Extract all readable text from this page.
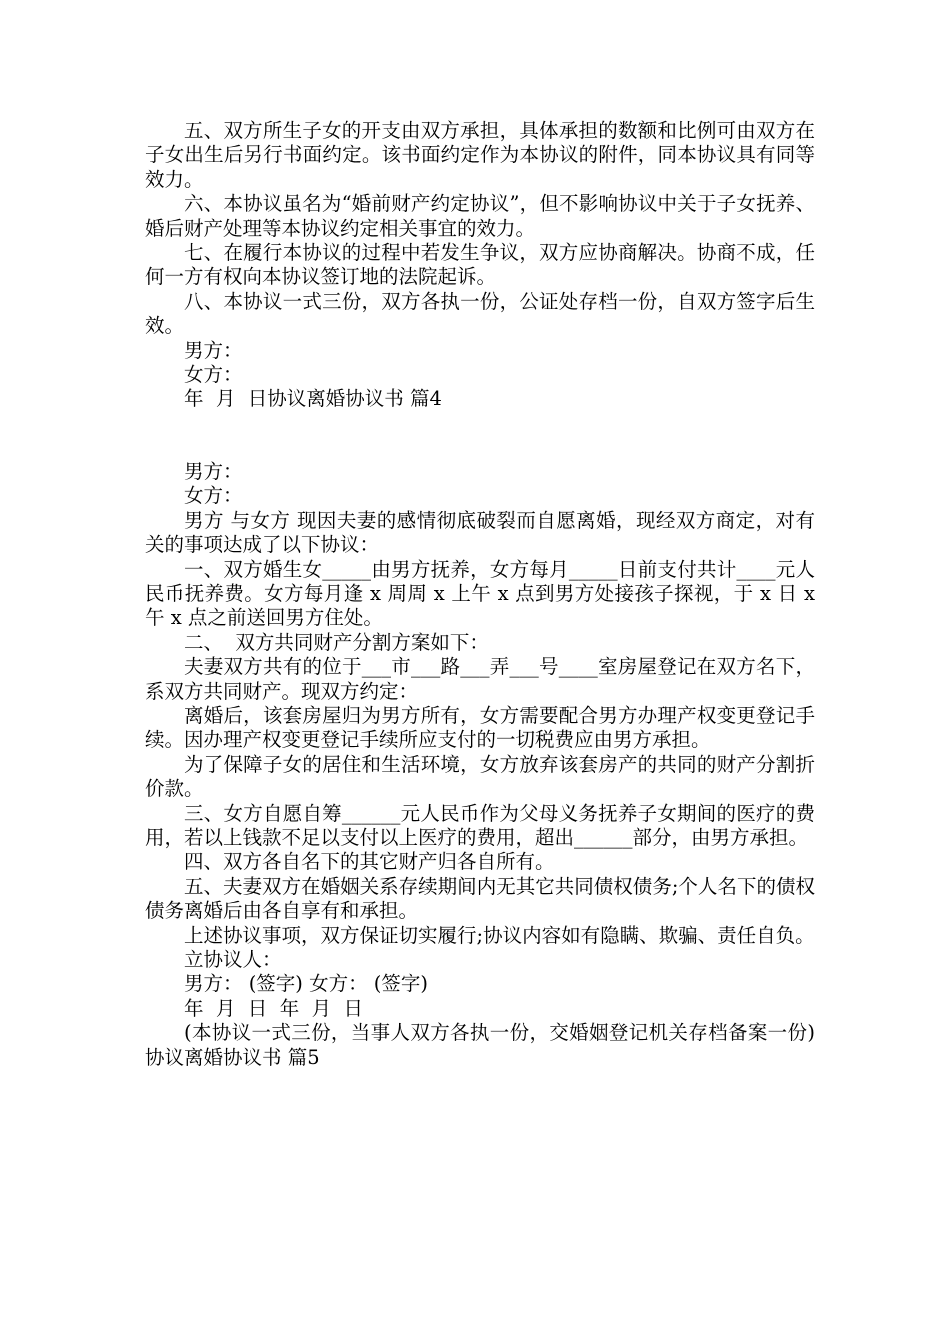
五、双方所生子女的开支由双方承担，具体承担的数额和比例可由双方在子女出生后另行书面约定。该书面约定作为本协议的附件，同本协议具有同等效力。

六、本协议虽名为“婚前财产约定协议”，但不影响协议中关于子女抚养、婚后财产处理等本协议约定相关事宜的效力。

七、在履行本协议的过程中若发生争议，双方应协商解决。协商不成，任何一方有权向本协议签订地的法院起诉。

八、本协议一式三份，双方各执一份，公证处存档一份，自双方签字后生效。

男方：

女方：

年  月  日协议离婚协议书 篇4

男方：

女方：

男方 与女方 现因夫妻的感情彻底破裂而自愿离婚，现经双方商定，对有关的事项达成了以下协议：

一、双方婚生女_____由男方抚养，女方每月_____日前支付共计____元人民币抚养费。女方每月逢 x 周周 x 上午 x 点到男方处接孩子探视，于 x 日 x 午 x 点之前送回男方住处。

二、  双方共同财产分割方案如下：

夫妻双方共有的位于___市___路___弄___号____室房屋登记在双方名下，系双方共同财产。现双方约定：

离婚后，该套房屋归为男方所有，女方需要配合男方办理产权变更登记手续。因办理产权变更登记手续所应支付的一切税费应由男方承担。

为了保障子女的居住和生活环境，女方放弃该套房产的共同的财产分割折价款。

三、女方自愿自筹______元人民币作为父母义务抚养子女期间的医疗的费用，若以上钱款不足以支付以上医疗的费用，超出______部分，由男方承担。

四、双方各自名下的其它财产归各自所有。

五、夫妻双方在婚姻关系存续期间内无其它共同债权债务;个人名下的债权债务离婚后由各自享有和承担。

上述协议事项，双方保证切实履行;协议内容如有隐瞒、欺骗、责任自负。

立协议人：

男方： (签字) 女方： (签字)

年  月  日  年  月  日

(本协议一式三份，当事人双方各执一份，交婚姻登记机关存档备案一份)协议离婚协议书 篇5
